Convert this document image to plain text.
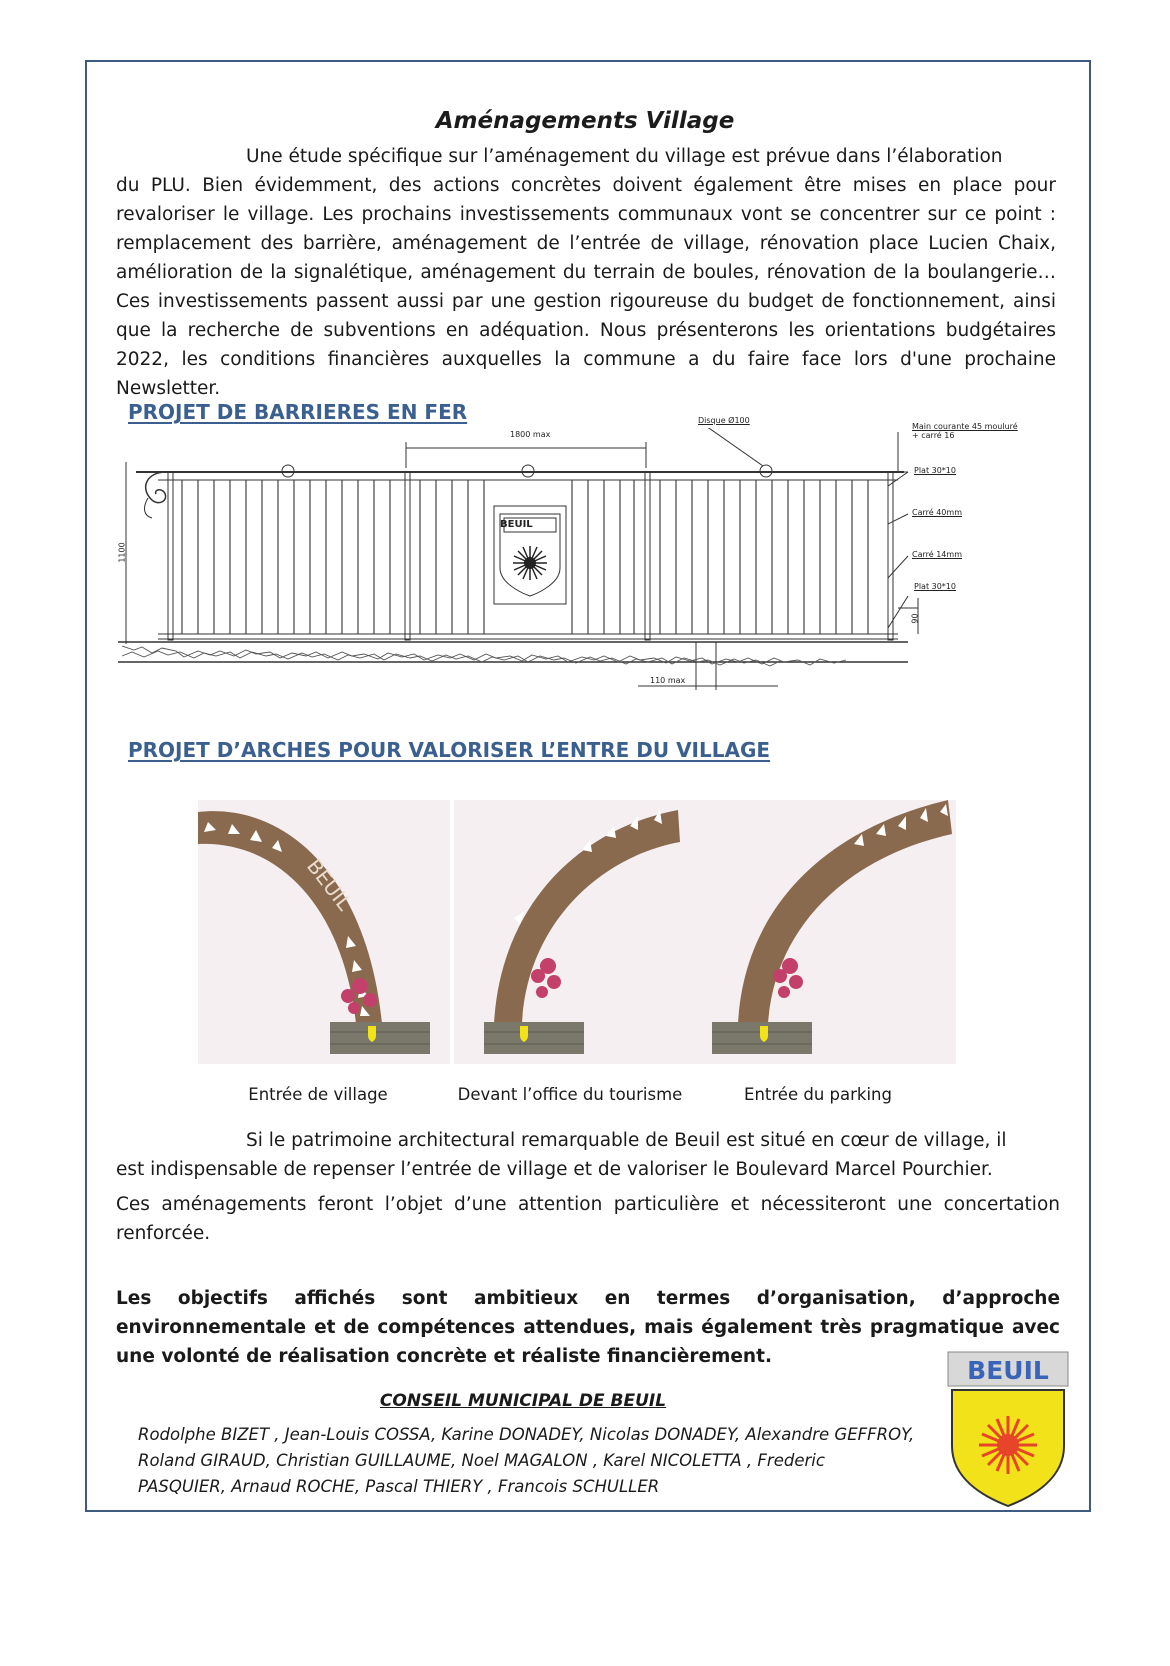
Aménagements Village
Une étude spécifique sur l’aménagement du village est prévue dans l’élaboration
du PLU. Bien évidemment, des actions concrètes doivent également être mises en place pour revaloriser le village. Les prochains investissements communaux vont se concentrer sur ce point : remplacement des barrière, aménagement de l’entrée de village, rénovation place Lucien Chaix, amélioration de la signalétique, aménagement du terrain de boules, rénovation de la boulangerie… Ces investissements passent aussi par une gestion rigoureuse du budget de fonctionnement, ainsi que la recherche de subventions en adéquation. Nous présenterons les orientations budgétaires 2022, les conditions financières auxquelles la commune a du faire face lors d'une prochaine Newsletter.
PROJET DE BARRIERES EN FER	Disque Ø100
1800 max
Main courante 45 mouluré
+ carré 16
Plat 30*10
Carré 40mm
Carré 14mm
Plat 30*10
1100
90
110 max
BEUIL
PROJET D’ARCHES POUR VALORISER L’ENTRE DU VILLAGE
BEUIL
Entrée de village	Devant l’office du tourisme	Entrée du parking
Si le patrimoine architectural remarquable de Beuil est situé en cœur de village, il
est indispensable de repenser l’entrée de village et de valoriser le Boulevard Marcel Pourchier.
Ces aménagements feront l’objet d’une attention particulière et nécessiteront une concertation renforcée.
Les objectifs affichés sont ambitieux en termes d’organisation, d’approche environnementale et de compétences attendues, mais également très pragmatique avec une volonté de réalisation concrète et réaliste financièrement.
CONSEIL MUNICIPAL DE BEUIL
Rodolphe BIZET , Jean-Louis COSSA, Karine DONADEY, Nicolas DONADEY, Alexandre GEFFROY, Roland GIRAUD, Christian GUILLAUME, Noel MAGALON , Karel NICOLETTA , Frederic PASQUIER, Arnaud ROCHE, Pascal THIERY , Francois SCHULLER
BEUIL
